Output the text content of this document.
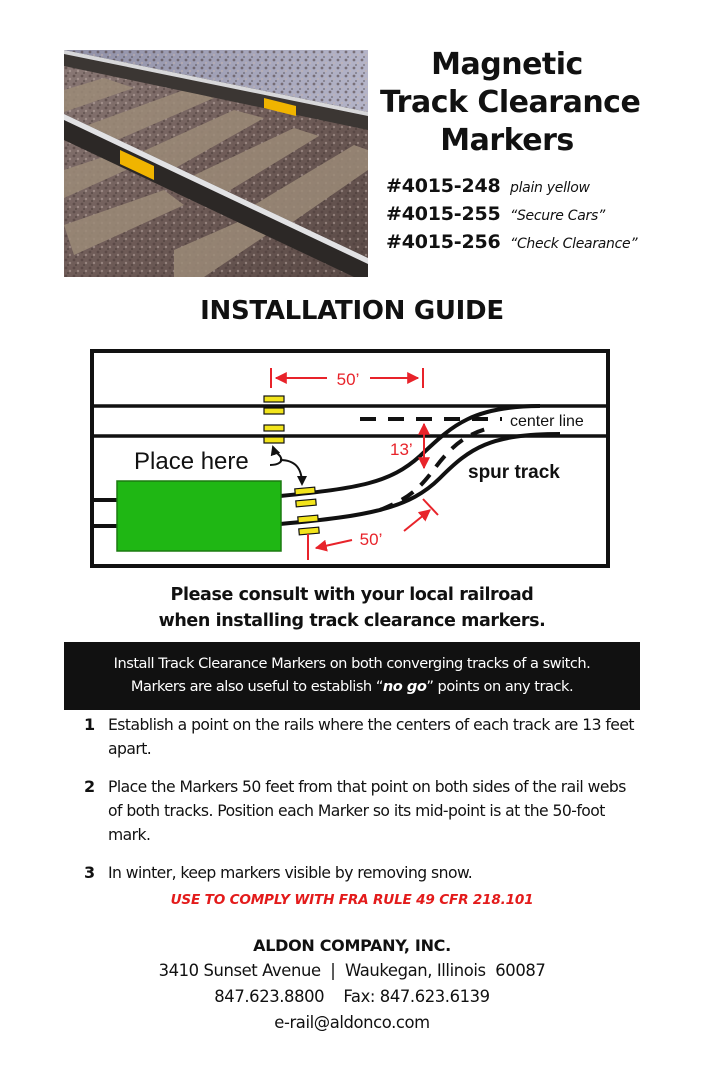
Magnetic
Track Clearance
Markers
#4015-248 plain yellow
#4015-255 “Secure Cars”
#4015-256 “Check Clearance”
INSTALLATION GUIDE
50’
13’
50’
Place here
center line
spur track
Please consult with your local railroad
when installing track clearance markers.
Install Track Clearance Markers on both converging tracks of a switch.
Markers are also useful to establish “no go” points on any track.
1 Establish a point on the rails where the centers of each track are 13 feet apart.
2 Place the Markers 50 feet from that point on both sides of the rail webs of both tracks. Position each Marker so its mid-point is at the 50-foot mark.
3 In winter, keep markers visible by removing snow.
USE TO COMPLY WITH FRA RULE 49 CFR 218.101
ALDON COMPANY, INC.
3410 Sunset Avenue  |  Waukegan, Illinois  60087
847.623.8800    Fax: 847.623.6139
e-rail@aldonco.com
